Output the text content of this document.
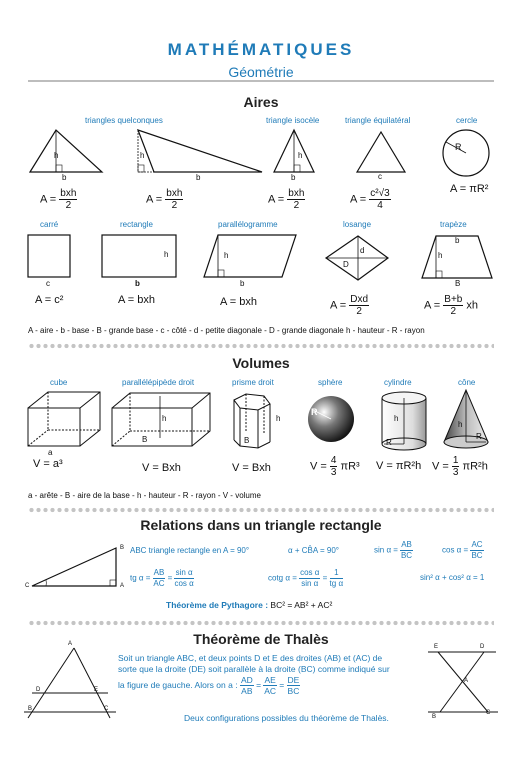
MATHÉMATIQUES
Géométrie
Aires
triangles quelconques	triangle isocèle	triangle équilatéral	cercle
h
b
h
b
h
b	c
R
$A = \frac{\text{bxh}}{2}$	$A = \frac{\text{bxh}}{2}$	$A = \frac{\text{bxh}}{2}$	$A = \frac{\text{c²√3}}{4}$	A = πR²
carré	rectangle	parallélogramme	losange	trapèze
c
h
b
h
b
d
D
b
h
B
A = c²	A = bxh	A = bxh	$A = \frac{\text{Dxd}}{2}$	$A = \frac{B+b}{2}$ xh
A - aire - b - base - B - grande base - c - côté - d - petite diagonale - D - grande diagonale h - hauteur - R - rayon
Volumes
cube	parallélépipède droit	prisme droit	sphère	cylindre	cône
a
h
B
h
B
R
h
R
h
R
V = a³	V = Bxh	V = Bxh	$V = \frac{4}{3} \pi R^3$ V = πR²h $V = \frac{1}{3} \pi R^2h$
a - arête - B - aire de la base - h - hauteur - R - rayon - V - volume
Relations dans un triangle rectangle
B
A
C
ABC triangle rectangle en A = 90°	α + CB̂A = 90°	$\sin \alpha = \frac{AB}{BC}$	$\cos \alpha = \frac{AC}{BC}$
tg $\alpha = \frac{AB}{AC} = \frac{\text{sin α}}{\text{cos α}}$	cotg $\alpha = \frac{\text{cos α}}{\text{sin α}} = \frac{1}{\text{tg α}}$	sin² α + cos² α = 1
Théorème de Pythagore : BC² = AB² + AC²
Théorème de Thalès
A
D	E
B	C
E	D
A
B
C
Soit un triangle ABC, et deux points D et E des droites (AB) et (AC) de
sorte que la droite (DE) soit parallèle à la droite (BC) comme indiqué sur
la figure de gauche. Alors on a : $\frac{AD}{AB} = \frac{AE}{AC} = \frac{DE}{BC}$
Deux configurations possibles du théorème de Thalès.
